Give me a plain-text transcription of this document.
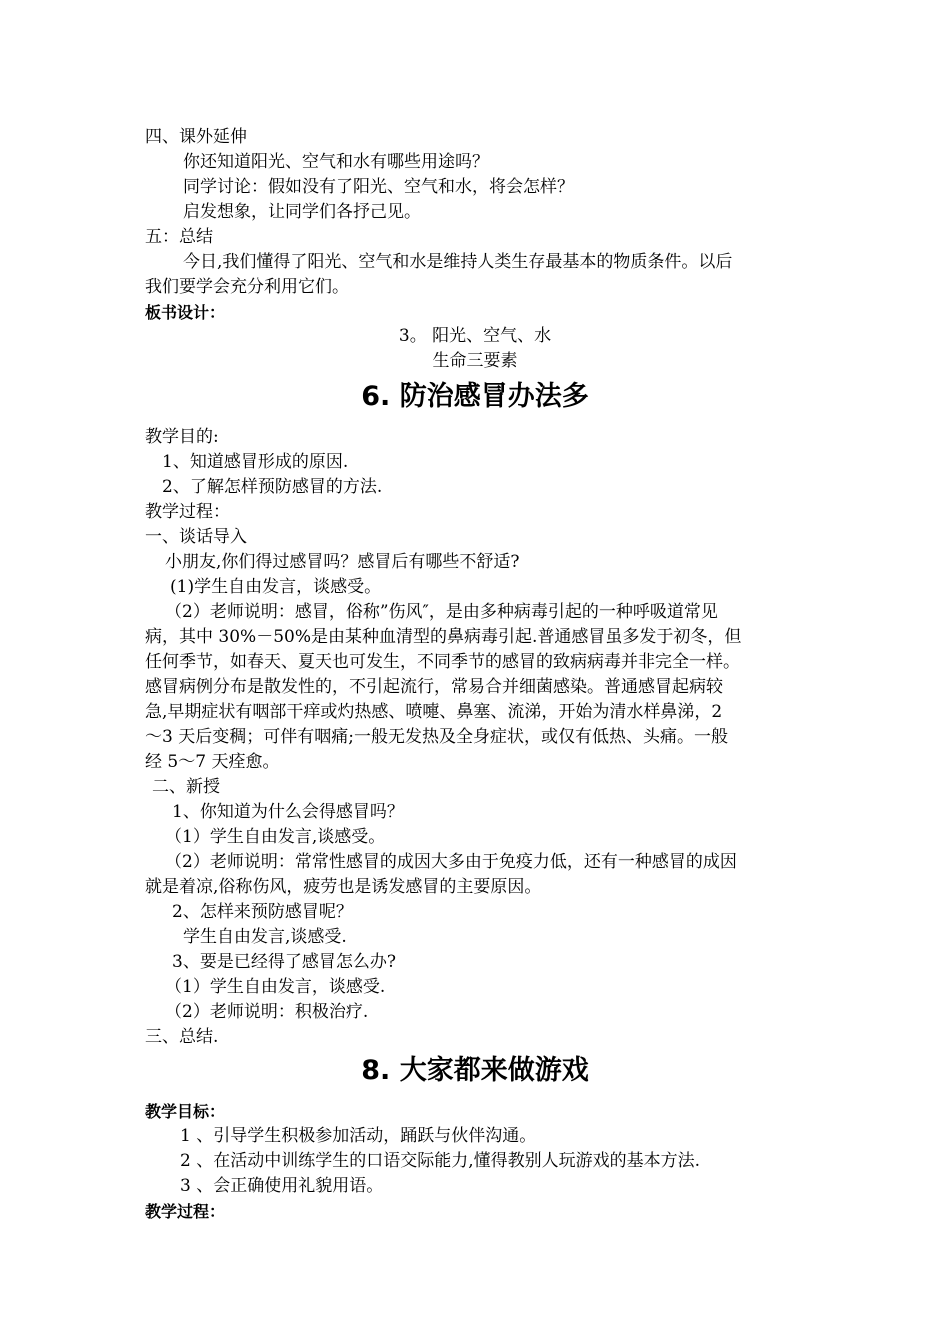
四、课外延伸
你还知道阳光、空气和水有哪些用途吗？
同学讨论：假如没有了阳光、空气和水，将会怎样？
启发想象，让同学们各抒己见。
五：总结
今日,我们懂得了阳光、空气和水是维持人类生存最基本的物质条件。以后
我们要学会充分利用它们。
板书设计：
3。 阳光、空气、水
生命三要素
6. 防治感冒办法多
教学目的:
1、知道感冒形成的原因.
2、了解怎样预防感冒的方法.
教学过程：
一、谈话导入
小朋友,你们得过感冒吗？感冒后有哪些不舒适?
(1)学生自由发言，谈感受。
（2）老师说明：感冒，俗称”伤风″，是由多种病毒引起的一种呼吸道常见
病，其中 30%－50%是由某种血清型的鼻病毒引起.普通感冒虽多发于初冬，但
任何季节，如春天、夏天也可发生，不同季节的感冒的致病病毒并非完全一样。
感冒病例分布是散发性的，不引起流行，常易合并细菌感染。普通感冒起病较
急,早期症状有咽部干痒或灼热感、喷嚏、鼻塞、流涕，开始为清水样鼻涕，2
～3 天后变稠；可伴有咽痛;一般无发热及全身症状，或仅有低热、头痛。一般
经 5～7 天痊愈。
二、新授
1、你知道为什么会得感冒吗？
（1）学生自由发言,谈感受。
（2）老师说明：常常性感冒的成因大多由于免疫力低，还有一种感冒的成因
就是着凉,俗称伤风，疲劳也是诱发感冒的主要原因。
2、怎样来预防感冒呢？
学生自由发言,谈感受.
3、要是已经得了感冒怎么办?
（1）学生自由发言，谈感受.
（2）老师说明：积极治疗.
三、总结.
8. 大家都来做游戏
教学目标：
1 、引导学生积极参加活动，踊跃与伙伴沟通。
2 、在活动中训练学生的口语交际能力,懂得教别人玩游戏的基本方法.
3 、会正确使用礼貌用语。
教学过程：
